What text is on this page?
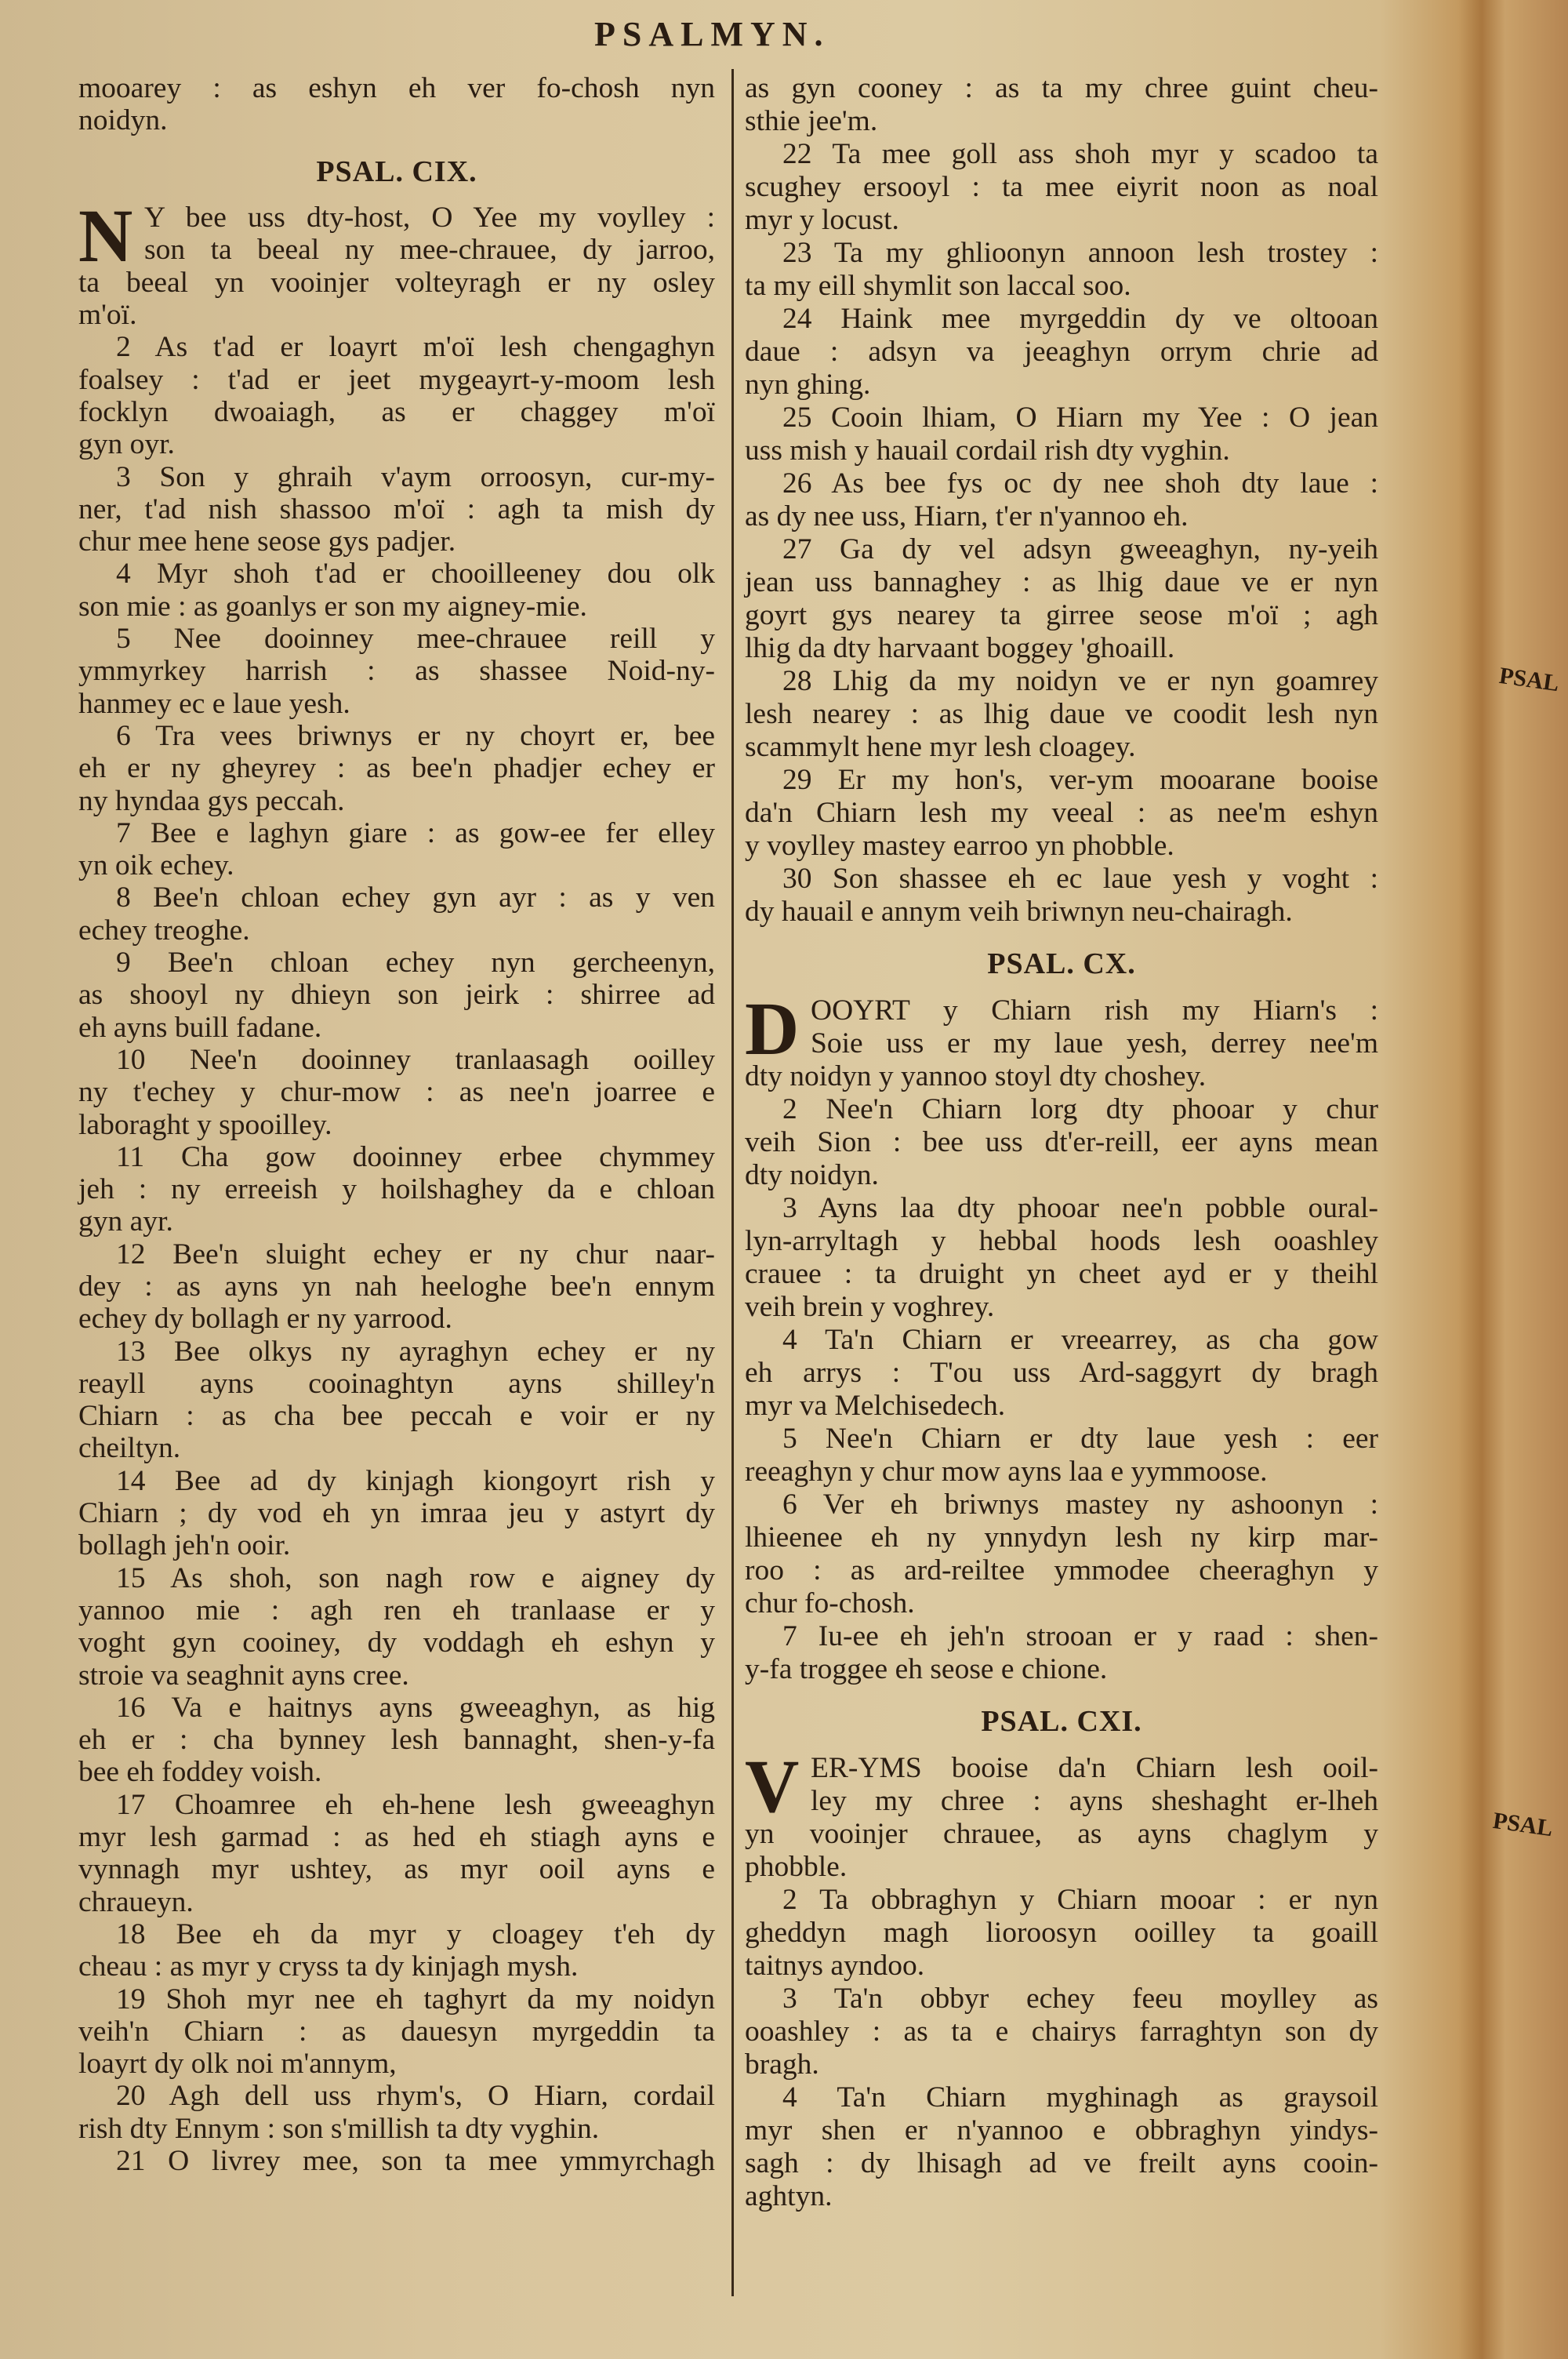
PSALMYN.
mooarey : as eshyn eh ver fo-chosh nyn
noidyn.
PSAL. CIX.
N Y bee uss dty-host, O Yee my voylley :
son ta beeal ny mee-chrauee, dy jarroo,
ta beeal yn vooinjer volteyragh er ny osley
m'oï.
2 As t'ad er loayrt m'oï lesh chengaghyn
foalsey : t'ad er jeet mygeayrt-y-moom lesh
focklyn dwoaiagh, as er chaggey m'oï
gyn oyr.
3 Son y ghraih v'aym orroosyn, cur-my-
ner, t'ad nish shassoo m'oï : agh ta mish dy
chur mee hene seose gys padjer.
4 Myr shoh t'ad er chooilleeney dou olk
son mie : as goanlys er son my aigney-mie.
5 Nee dooinney mee-chrauee reill y
ymmyrkey harrish : as shassee Noid-ny-
hanmey ec e laue yesh.
6 Tra vees briwnys er ny choyrt er, bee
eh er ny gheyrey : as bee'n phadjer echey er
ny hyndaa gys peccah.
7 Bee e laghyn giare : as gow-ee fer elley
yn oik echey.
8 Bee'n chloan echey gyn ayr : as y ven
echey treoghe.
9 Bee'n chloan echey nyn gercheenyn,
as shooyl ny dhieyn son jeirk : shirree ad
eh ayns buill fadane.
10 Nee'n dooinney tranlaasagh ooilley
ny t'echey y chur-mow : as nee'n joarree e
laboraght y spooilley.
11 Cha gow dooinney erbee chymmey
jeh : ny erreeish y hoilshaghey da e chloan
gyn ayr.
12 Bee'n sluight echey er ny chur naar-
dey : as ayns yn nah heeloghe bee'n ennym
echey dy bollagh er ny yarrood.
13 Bee olkys ny ayraghyn echey er ny
reayll ayns cooinaghtyn ayns shilley'n
Chiarn : as cha bee peccah e voir er ny
cheiltyn.
14 Bee ad dy kinjagh kiongoyrt rish y
Chiarn ; dy vod eh yn imraa jeu y astyrt dy
bollagh jeh'n ooir.
15 As shoh, son nagh row e aigney dy
yannoo mie : agh ren eh tranlaase er y
voght gyn cooiney, dy voddagh eh eshyn y
stroie va seaghnit ayns cree.
16 Va e haitnys ayns gweeaghyn, as hig
eh er : cha bynney lesh bannaght, shen-y-fa
bee eh foddey voish.
17 Choamree eh eh-hene lesh gweeaghyn
myr lesh garmad : as hed eh stiagh ayns e
vynnagh myr ushtey, as myr ooil ayns e
chraueyn.
18 Bee eh da myr y cloagey t'eh dy
cheau : as myr y cryss ta dy kinjagh mysh.
19 Shoh myr nee eh taghyrt da my noidyn
veih'n Chiarn : as dauesyn myrgeddin ta
loayrt dy olk noi m'annym,
20 Agh dell uss rhym's, O Hiarn, cordail
rish dty Ennym : son s'millish ta dty vyghin.
21 O livrey mee, son ta mee ymmyrchagh
as gyn cooney : as ta my chree guint cheu-
sthie jee'm.
22 Ta mee goll ass shoh myr y scadoo ta
scughey ersooyl : ta mee eiyrit noon as noal
myr y locust.
23 Ta my ghlioonyn annoon lesh trostey :
ta my eill shymlit son laccal soo.
24 Haink mee myrgeddin dy ve oltooan
daue : adsyn va jeeaghyn orrym chrie ad
nyn ghing.
25 Cooin lhiam, O Hiarn my Yee : O jean
uss mish y hauail cordail rish dty vyghin.
26 As bee fys oc dy nee shoh dty laue :
as dy nee uss, Hiarn, t'er n'yannoo eh.
27 Ga dy vel adsyn gweeaghyn, ny-yeih
jean uss bannaghey : as lhig daue ve er nyn
goyrt gys nearey ta girree seose m'oï ; agh
lhig da dty harvaant boggey 'ghoaill.
28 Lhig da my noidyn ve er nyn goamrey
lesh nearey : as lhig daue ve coodit lesh nyn
scammylt hene myr lesh cloagey.
29 Er my hon's, ver-ym mooarane booise
da'n Chiarn lesh my veeal : as nee'm eshyn
y voylley mastey earroo yn phobble.
30 Son shassee eh ec laue yesh y voght :
dy hauail e annym veih briwnyn neu-chairagh.
PSAL. CX.
D OOYRT y Chiarn rish my Hiarn's :
Soie uss er my laue yesh, derrey nee'm
dty noidyn y yannoo stoyl dty choshey.
2 Nee'n Chiarn lorg dty phooar y chur
veih Sion : bee uss dt'er-reill, eer ayns mean
dty noidyn.
3 Ayns laa dty phooar nee'n pobble oural-
lyn-arryltagh y hebbal hoods lesh ooashley
crauee : ta druight yn cheet ayd er y theihl
veih brein y voghrey.
4 Ta'n Chiarn er vreearrey, as cha gow
eh arrys : T'ou uss Ard-saggyrt dy bragh
myr va Melchisedech.
5 Nee'n Chiarn er dty laue yesh : eer
reeaghyn y chur mow ayns laa e yymmoose.
6 Ver eh briwnys mastey ny ashoonyn :
lhieenee eh ny ynnydyn lesh ny kirp mar-
roo : as ard-reiltee ymmodee cheeraghyn y
chur fo-chosh.
7 Iu-ee eh jeh'n strooan er y raad : shen-
y-fa troggee eh seose e chione.
PSAL. CXI.
V ER-YMS booise da'n Chiarn lesh ooil-
ley my chree : ayns sheshaght er-lheh
yn vooinjer chrauee, as ayns chaglym y
phobble.
2 Ta obbraghyn y Chiarn mooar : er nyn
gheddyn magh lioroosyn ooilley ta goaill
taitnys ayndoo.
3 Ta'n obbyr echey feeu moylley as
ooashley : as ta e chairys farraghtyn son dy
bragh.
4 Ta'n Chiarn myghinagh as graysoil
myr shen er n'yannoo e obbraghyn yindys-
sagh : dy lhisagh ad ve freilt ayns cooin-
aghtyn.
PSAL
PSAL
